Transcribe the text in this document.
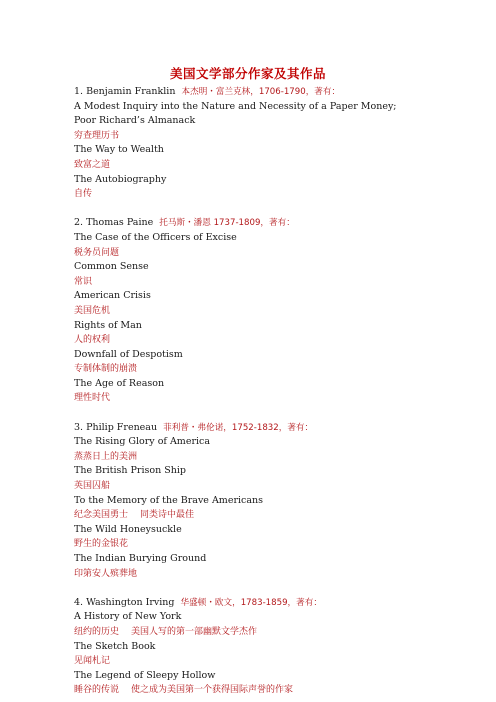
美国文学部分作家及其作品
1. Benjamin Franklin 本杰明・富兰克林，1706-1790，著有：
A Modest Inquiry into the Nature and Necessity of a Paper Money;
Poor Richard’s Almanack
穷查理历书
The Way to Wealth
致富之道
The Autobiography
自传
2. Thomas Paine 托马斯・潘恩 1737-1809，著有：
The Case of the Officers of Excise
税务员问题
Common Sense
常识
American Crisis
美国危机
Rights of Man
人的权利
Downfall of Despotism
专制体制的崩溃
The Age of Reason
理性时代
3. Philip Freneau 菲利普・弗伦诺，1752-1832，著有：
The Rising Glory of America
蒸蒸日上的美洲
The British Prison Ship
英国囚船
To the Memory of the Brave Americans
纪念美国勇士 同类诗中最佳
The Wild Honeysuckle
野生的金银花
The Indian Burying Ground
印第安人殡葬地
4. Washington Irving 华盛顿・欧文，1783-1859，著有：
A History of New York
纽约的历史 美国人写的第一部幽默文学杰作
The Sketch Book
见闻札记
The Legend of Sleepy Hollow
睡谷的传说 使之成为美国第一个获得国际声誉的作家
